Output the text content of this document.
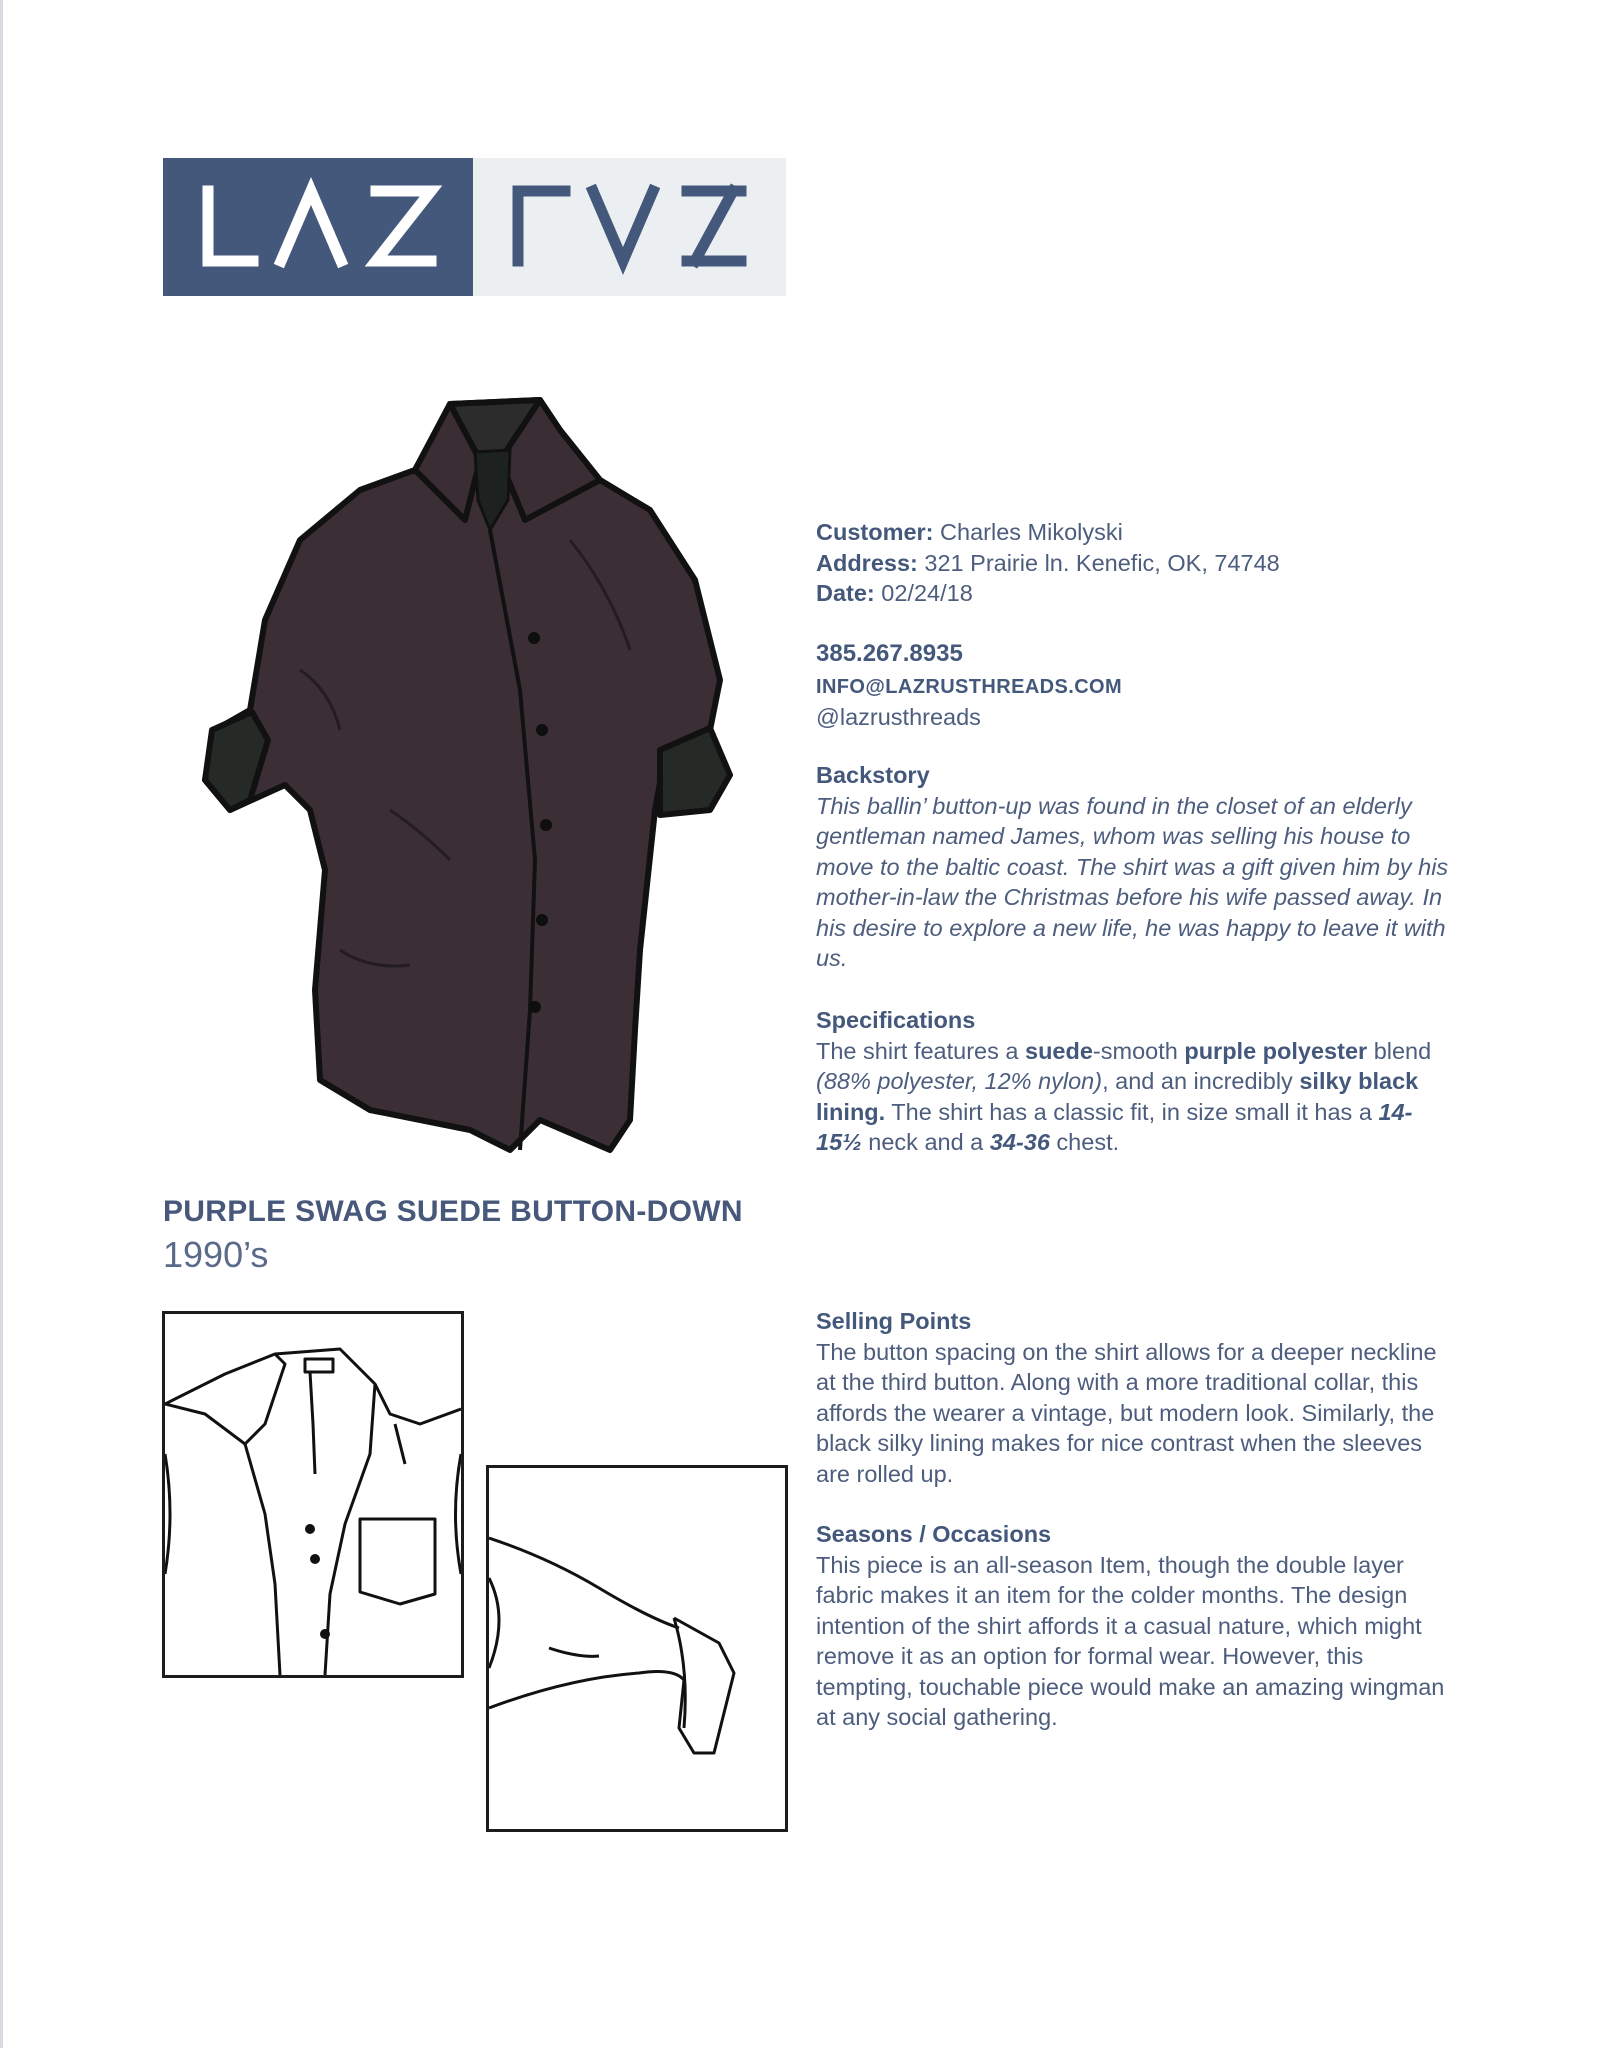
PURPLE SWAG SUEDE BUTTON-DOWN
1990’s

Customer: Charles Mikolyski

Address: 321 Prairie ln. Kenefic, OK, 74748

Date: 02/24/18

385.267.8935

INFO@LAZRUSTHREADS.COM

@lazrusthreads

Backstory

This ballin’ button-up was found in the closet of an elderly gentleman named James, whom was selling his house to move to the baltic coast. The shirt was a gift given him by his mother-in-law the Christmas before his wife passed away. In his desire to explore a new life, he was happy to leave it with us.

Specifications

The shirt features a suede-smooth purple polyester blend (88% polyester, 12% nylon), and an incredibly silky black lining. The shirt has a classic fit, in size small it has a 14-15½ neck and a 34-36 chest.

Selling Points

The button spacing on the shirt allows for a deeper neckline at the third button. Along with a more traditional collar, this affords the wearer a vintage, but modern look. Similarly, the black silky lining makes for nice contrast when the sleeves are rolled up.

Seasons / Occasions

This piece is an all-season Item, though the double layer fabric makes it an item for the colder months. The design intention of the shirt affords it a casual nature, which might remove it as an option for formal wear. However, this tempting, touchable piece would make an amazing wingman at any social gathering.
